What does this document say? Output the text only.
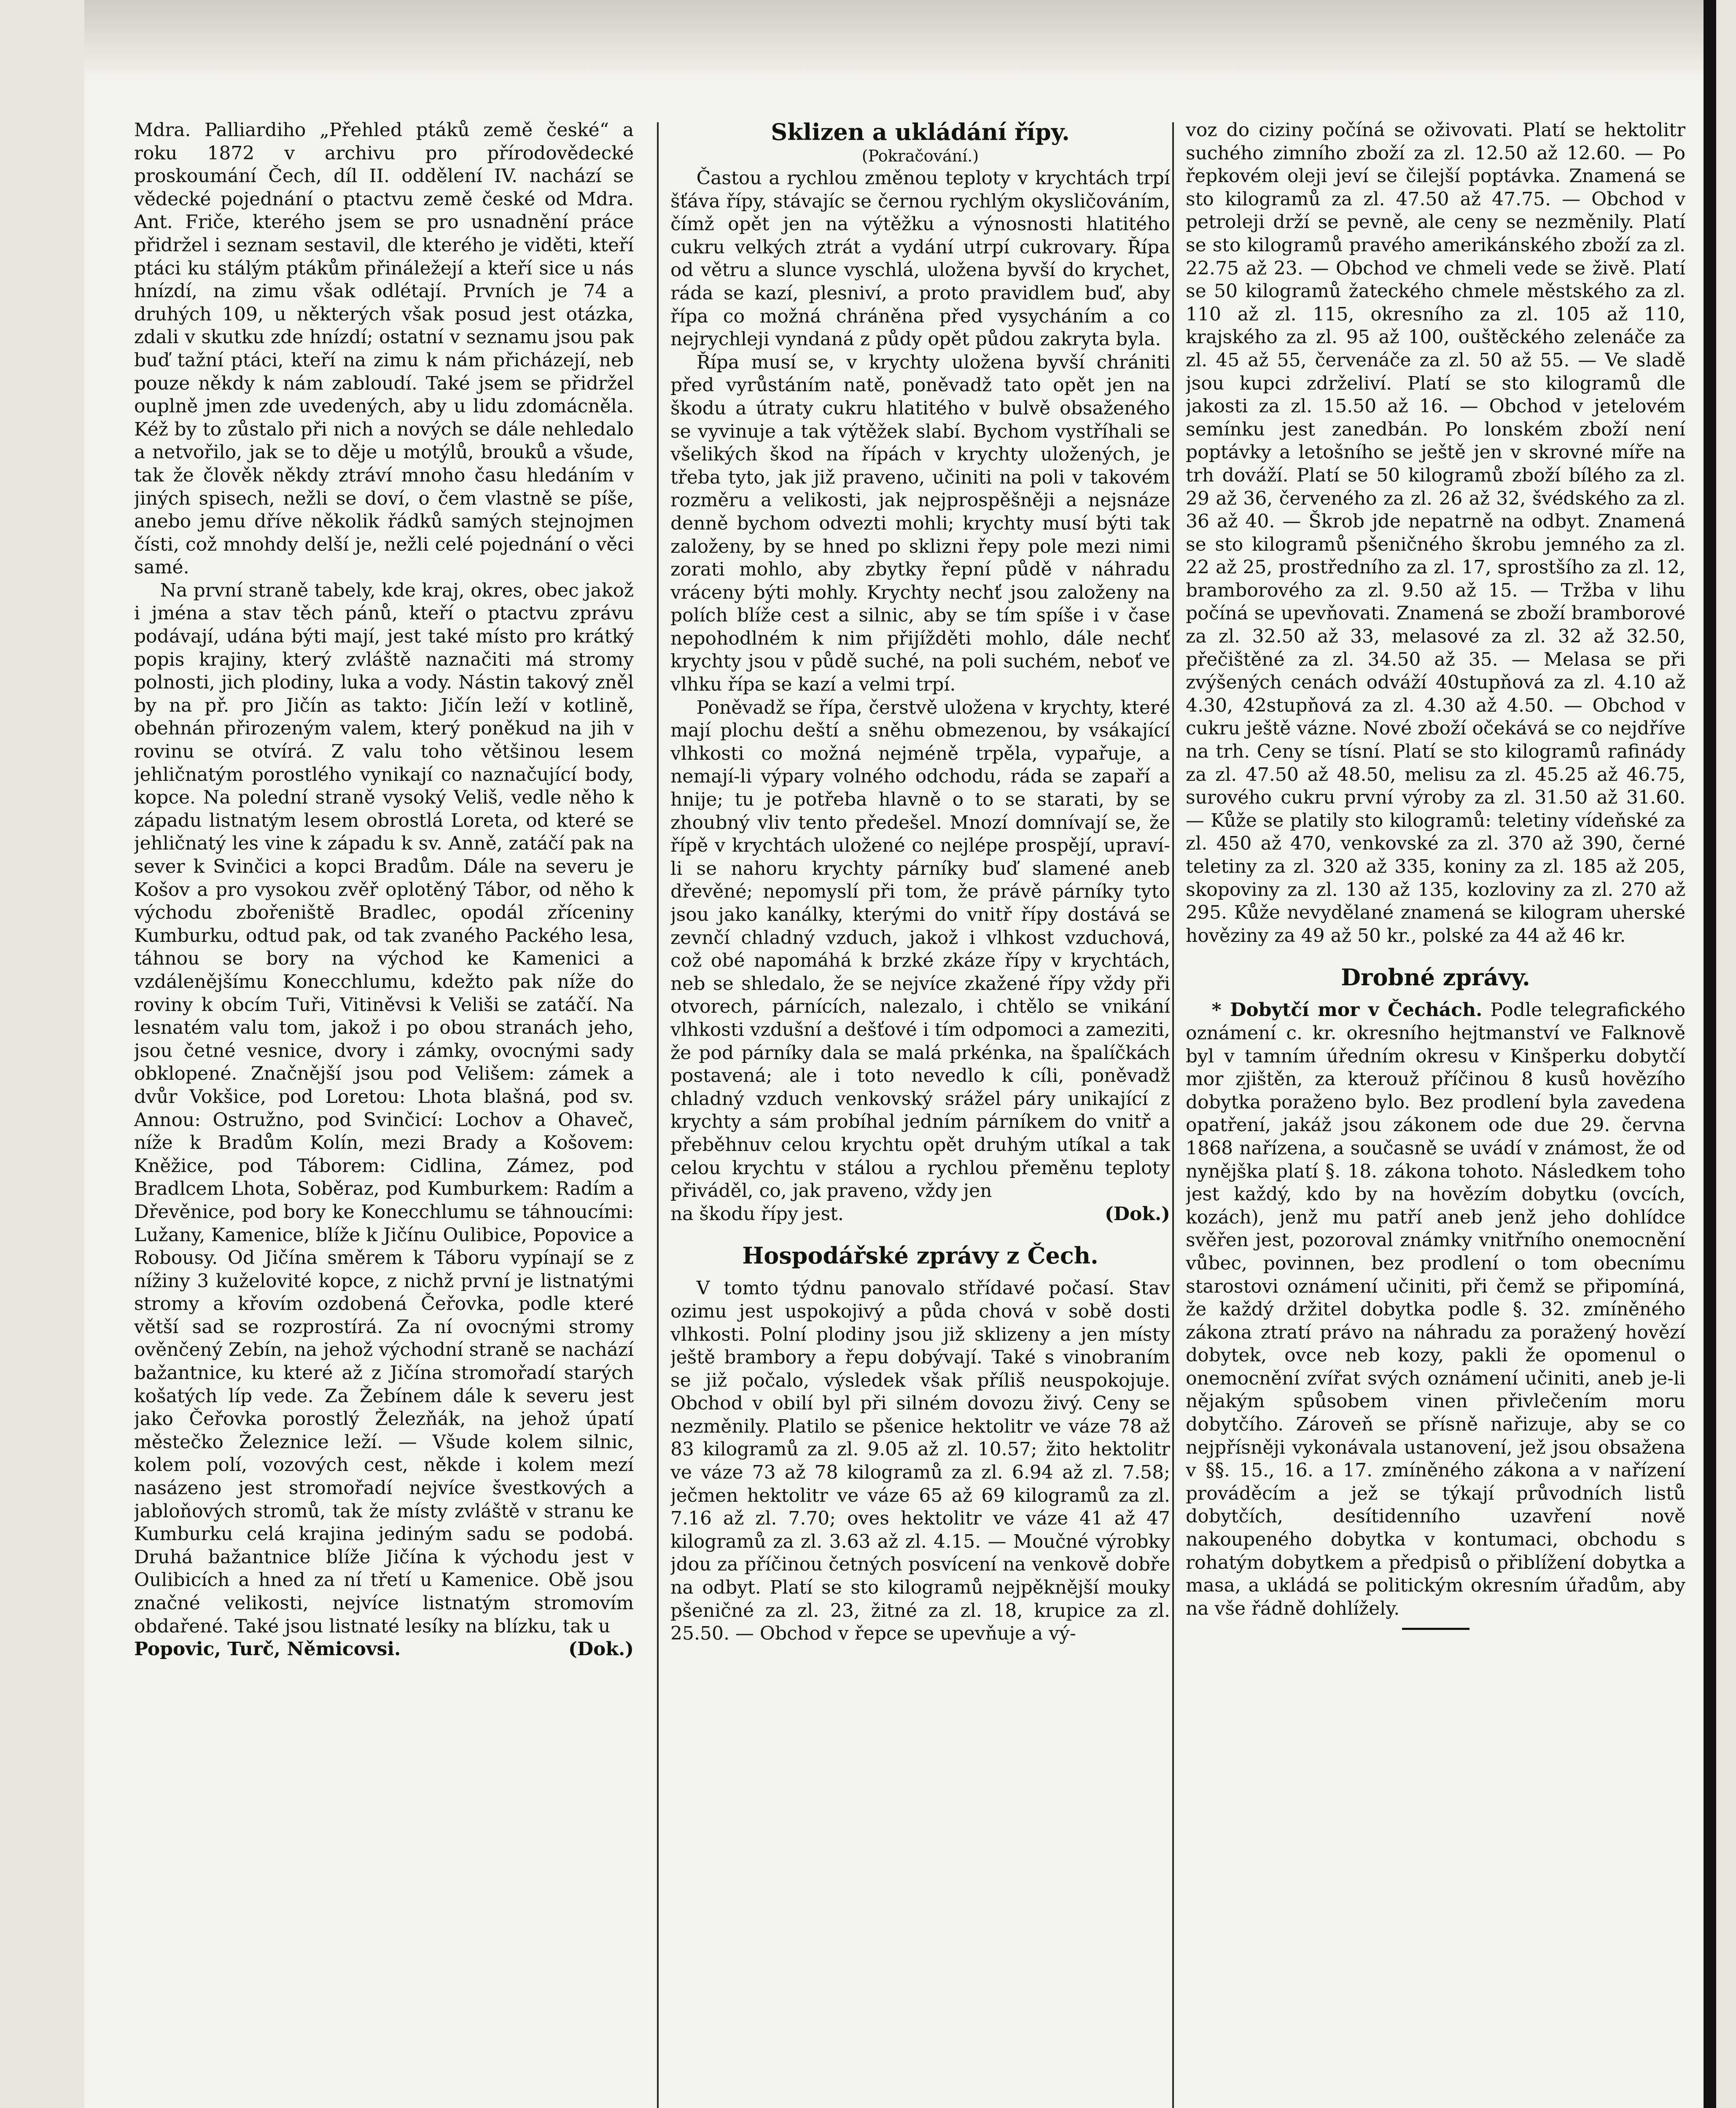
Mdra. Palliardiho „Přehled ptáků země české“ a roku 1872 v archivu pro přírodovědecké proskoumání Čech, díl II. oddělení IV. nachází se vědecké pojednání o ptactvu země české od Mdra. Ant. Friče, kterého jsem se pro usnadnění práce přidržel i seznam sestavil, dle kterého je viděti, kteří ptáci ku stálým ptákům přináležejí a kteří sice u nás hnízdí, na zimu však odlétají. Prvních je 74 a druhých 109, u některých však posud jest otázka, zdali v skutku zde hnízdí; ostatní v seznamu jsou pak buď tažní ptáci, kteří na zimu k nám přicházejí, neb pouze někdy k nám zabloudí. Také jsem se přidržel ouplně jmen zde uvedených, aby u lidu zdomácněla. Kéž by to zůstalo při nich a nových se dále nehledalo a netvořilo, jak se to děje u motýlů, brouků a všude, tak že člověk někdy ztráví mnoho času hledáním v jiných spisech, nežli se doví, o čem vlastně se píše, anebo jemu dříve několik řádků samých stejnojmen čísti, což mnohdy delší je, nežli celé pojednání o věci samé.

Na první straně tabely, kde kraj, okres, obec jakož i jména a stav těch pánů, kteří o ptactvu zprávu podávají, udána býti mají, jest také místo pro krátký popis krajiny, který zvláště naznačiti má stromy polnosti, jich plodiny, luka a vody. Nástin takový zněl by na př. pro Jičín as takto: Jičín leží v kotlině, obehnán přirozeným valem, který poněkud na jih v rovinu se otvírá. Z valu toho většinou lesem jehličnatým porostlého vynikají co naznačující body, kopce. Na polední straně vysoký Veliš, vedle něho k západu listnatým lesem obrostlá Loreta, od které se jehličnatý les vine k západu k sv. Anně, zatáčí pak na sever k Svinčici a kopci Bradům. Dále na severu je Košov a pro vysokou zvěř oplotěný Tábor, od něho k východu zbořeniště Bradlec, opodál zříceniny Kumburku, odtud pak, od tak zvaného Packého lesa, táhnou se bory na východ ke Kamenici a vzdálenějšímu Konecchlumu, kdežto pak níže do roviny k obcím Tuři, Vitiněvsi k Veliši se zatáčí. Na lesnatém valu tom, jakož i po obou stranách jeho, jsou četné vesnice, dvory i zámky, ovocnými sady obklopené. Značnější jsou pod Velišem: zámek a dvůr Vokšice, pod Loretou: Lhota blašná, pod sv. Annou: Ostružno, pod Svinčicí: Lochov a Ohaveč, níže k Bradům Kolín, mezi Brady a Košovem: Kněžice, pod Táborem: Cidlina, Zámez, pod Bradlcem Lhota, Soběraz, pod Kumburkem: Radím a Dřevěnice, pod bory ke Konecchlumu se táhnoucími: Lužany, Kamenice, blíže k Jičínu Oulibice, Popovice a Robousy. Od Jičína směrem k Táboru vypínají se z nížiny 3 kuželovité kopce, z nichž první je listnatými stromy a křovím ozdobená Čeřovka, podle které větší sad se rozprostírá. Za ní ovocnými stromy ověnčený Zebín, na jehož východní straně se nachází bažantnice, ku které až z Jičína stromořadí starých košatých líp vede. Za Žebínem dále k severu jest jako Čeřovka porostlý Železňák, na jehož úpatí městečko Železnice leží. — Všude kolem silnic, kolem polí, vozových cest, někde i kolem mezí nasázeno jest stromořadí nejvíce švestkových a jabloňových stromů, tak že místy zvláště v stranu ke Kumburku celá krajina jediným sadu se podobá. Druhá bažantnice blíže Jičína k východu jest v Oulibicích a hned za ní třetí u Kamenice. Obě jsou značné velikosti, nejvíce listnatým stromovím obdařené. Také jsou listnaté lesíky na blízku, tak u

Popovic, Turč, Němicovsi.	(Dok.)
Sklizen a ukládání řípy.
(Pokračování.)

Častou a rychlou změnou teploty v krychtách trpí šťáva řípy, stávajíc se černou rychlým okysličováním, čímž opět jen na výtěžku a výnosnosti hlatitého cukru velkých ztrát a vydání utrpí cukrovary. Řípa od větru a slunce vyschlá, uložena byvší do krychet, ráda se kazí, plesniví, a proto pravidlem buď, aby řípa co možná chráněna před vysycháním a co nejrychleji vyndaná z půdy opět půdou zakryta byla.

Řípa musí se, v krychty uložena byvší chrániti před vyrůstáním natě, poněvadž tato opět jen na škodu a útraty cukru hlatitého v bulvě obsaženého se vyvinuje a tak výtěžek slabí. Bychom vystříhali se všelikých škod na řípách v krychty uložených, je třeba tyto, jak již praveno, učiniti na poli v takovém rozměru a velikosti, jak nejprospěšněji a nejsnáze denně bychom odvezti mohli; krychty musí býti tak založeny, by se hned po sklizni řepy pole mezi nimi zorati mohlo, aby zbytky řepní půdě v náhradu vráceny býti mohly. Krychty nechť jsou založeny na polích blíže cest a silnic, aby se tím spíše i v čase nepohodlném k nim přijížděti mohlo, dále nechť krychty jsou v půdě suché, na poli suchém, neboť ve vlhku řípa se kazí a velmi trpí.

Poněvadž se řípa, čerstvě uložena v krychty, které mají plochu deští a sněhu obmezenou, by vsákající vlhkosti co možná nejméně trpěla, vypařuje, a nemají-li výpary volného odchodu, ráda se zapaří a hnije; tu je potřeba hlavně o to se starati, by se zhoubný vliv tento předešel. Mnozí domnívají se, že řípě v krychtách uložené co nejlépe prospějí, upraví-li se nahoru krychty párníky buď slamené aneb dřevěné; nepomyslí při tom, že právě párníky tyto jsou jako kanálky, kterými do vnitř řípy dostává se zevnčí chladný vzduch, jakož i vlhkost vzduchová, což obé napomáhá k brzké zkáze řípy v krychtách, neb se shledalo, že se nejvíce zkažené řípy vždy při otvorech, párnících, nalezalo, i chtělo se vnikání vlhkosti vzdušní a dešťové i tím odpomoci a zameziti, že pod párníky dala se malá prkénka, na špalíčkách postavená; ale i toto nevedlo k cíli, poněvadž chladný vzduch venkovský srážel páry unikající z krychty a sám probíhal jedním párníkem do vnitř a přeběhnuv celou krychtu opět druhým utíkal a tak celou krychtu v stálou a rychlou přeměnu teploty přiváděl, co, jak praveno, vždy jen

na škodu řípy jest.	(Dok.)
Hospodářské zprávy z Čech.

V tomto týdnu panovalo střídavé počasí. Stav ozimu jest uspokojivý a půda chová v sobě dosti vlhkosti. Polní plodiny jsou již sklizeny a jen místy ještě brambory a řepu dobývají. Také s vinobraním se již počalo, výsledek však příliš neuspokojuje. Obchod v obilí byl při silném dovozu živý. Ceny se nezměnily. Platilo se pšenice hektolitr ve váze 78 až 83 kilogramů za zl. 9.05 až zl. 10.57; žito hektolitr ve váze 73 až 78 kilogramů za zl. 6.94 až zl. 7.58; ječmen hektolitr ve váze 65 až 69 kilogramů za zl. 7.16 až zl. 7.70; oves hektolitr ve váze 41 až 47 kilogramů za zl. 3.63 až zl. 4.15. — Moučné výrobky jdou za příčinou četných posvícení na venkově dobře na odbyt. Platí se sto kilogramů nejpěknější mouky pšeničné za zl. 23, žitné za zl. 18, krupice za zl. 25.50. — Obchod v řepce se upevňuje a vý-

voz do ciziny počíná se oživovati. Platí se hektolitr suchého zimního zboží za zl. 12.50 až 12.60. — Po řepkovém oleji jeví se čilejší poptávka. Znamená se sto kilogramů za zl. 47.50 až 47.75. — Obchod v petroleji drží se pevně, ale ceny se nezměnily. Platí se sto kilogramů pravého amerikánského zboží za zl. 22.75 až 23. — Obchod ve chmeli vede se živě. Platí se 50 kilogramů žateckého chmele městského za zl. 110 až zl. 115, okresního za zl. 105 až 110, krajského za zl. 95 až 100, ouštěckého zelenáče za zl. 45 až 55, červenáče za zl. 50 až 55. — Ve sladě jsou kupci zdrželiví. Platí se sto kilogramů dle jakosti za zl. 15.50 až 16. — Obchod v jetelovém semínku jest zanedbán. Po lonském zboží není poptávky a letošního se ještě jen v skrovné míře na trh dováží. Platí se 50 kilogramů zboží bílého za zl. 29 až 36, červeného za zl. 26 až 32, švédského za zl. 36 až 40. — Škrob jde nepatrně na odbyt. Znamená se sto kilogramů pšeničného škrobu jemného za zl. 22 až 25, prostředního za zl. 17, sprostšího za zl. 12, bramborového za zl. 9.50 až 15. — Tržba v lihu počíná se upevňovati. Znamená se zboží bramborové za zl. 32.50 až 33, melasové za zl. 32 až 32.50, přečištěné za zl. 34.50 až 35. — Melasa se při zvýšených cenách odváží 40stupňová za zl. 4.10 až 4.30, 42stupňová za zl. 4.30 až 4.50. — Obchod v cukru ještě vázne. Nové zboží očekává se co nejdříve na trh. Ceny se tísní. Platí se sto kilogramů rafinády za zl. 47.50 až 48.50, melisu za zl. 45.25 až 46.75, surového cukru první výroby za zl. 31.50 až 31.60. — Kůže se platily sto kilogramů: teletiny vídeňské za zl. 450 až 470, venkovské za zl. 370 až 390, černé teletiny za zl. 320 až 335, koniny za zl. 185 až 205, skopoviny za zl. 130 až 135, kozloviny za zl. 270 až 295. Kůže nevydělané znamená se kilogram uherské hověziny za 49 až 50 kr., polské za 44 až 46 kr.

Drobné zprávy.

* Dobytčí mor v Čechách. Podle telegrafického oznámení c. kr. okresního hejtmanství ve Falknově byl v tamním úředním okresu v Kinšperku dobytčí mor zjištěn, za kterouž příčinou 8 kusů hovězího dobytka poraženo bylo. Bez prodlení byla zavedena opatření, jakáž jsou zákonem ode due 29. června 1868 nařízena, a současně se uvádí v známost, že od nynějška platí §. 18. zákona tohoto. Následkem toho jest každý, kdo by na hovězím dobytku (ovcích, kozách), jenž mu patří aneb jenž jeho dohlídce svěřen jest, pozoroval známky vnitřního onemocnění vůbec, povinnen, bez prodlení o tom obecnímu starostovi oznámení učiniti, při čemž se připomíná, že každý držitel dobytka podle §. 32. zmíněného zákona ztratí právo na náhradu za poražený hovězí dobytek, ovce neb kozy, pakli že opomenul o onemocnění zvířat svých oznámení učiniti, aneb je-li nějakým spůsobem vinen přivlečením moru dobytčího. Zároveň se přísně nařizuje, aby se co nejpřísněji vykonávala ustanovení, jež jsou obsažena v §§. 15., 16. a 17. zmíněného zákona a v nařízení prováděcím a jež se týkají průvodních listů dobytčích, desítidenního uzavření nově nakoupeného dobytka v kontumaci, obchodu s rohatým dobytkem a předpisů o přiblížení dobytka a masa, a ukládá se politickým okresním úřadům, aby na vše řádně dohlížely.
